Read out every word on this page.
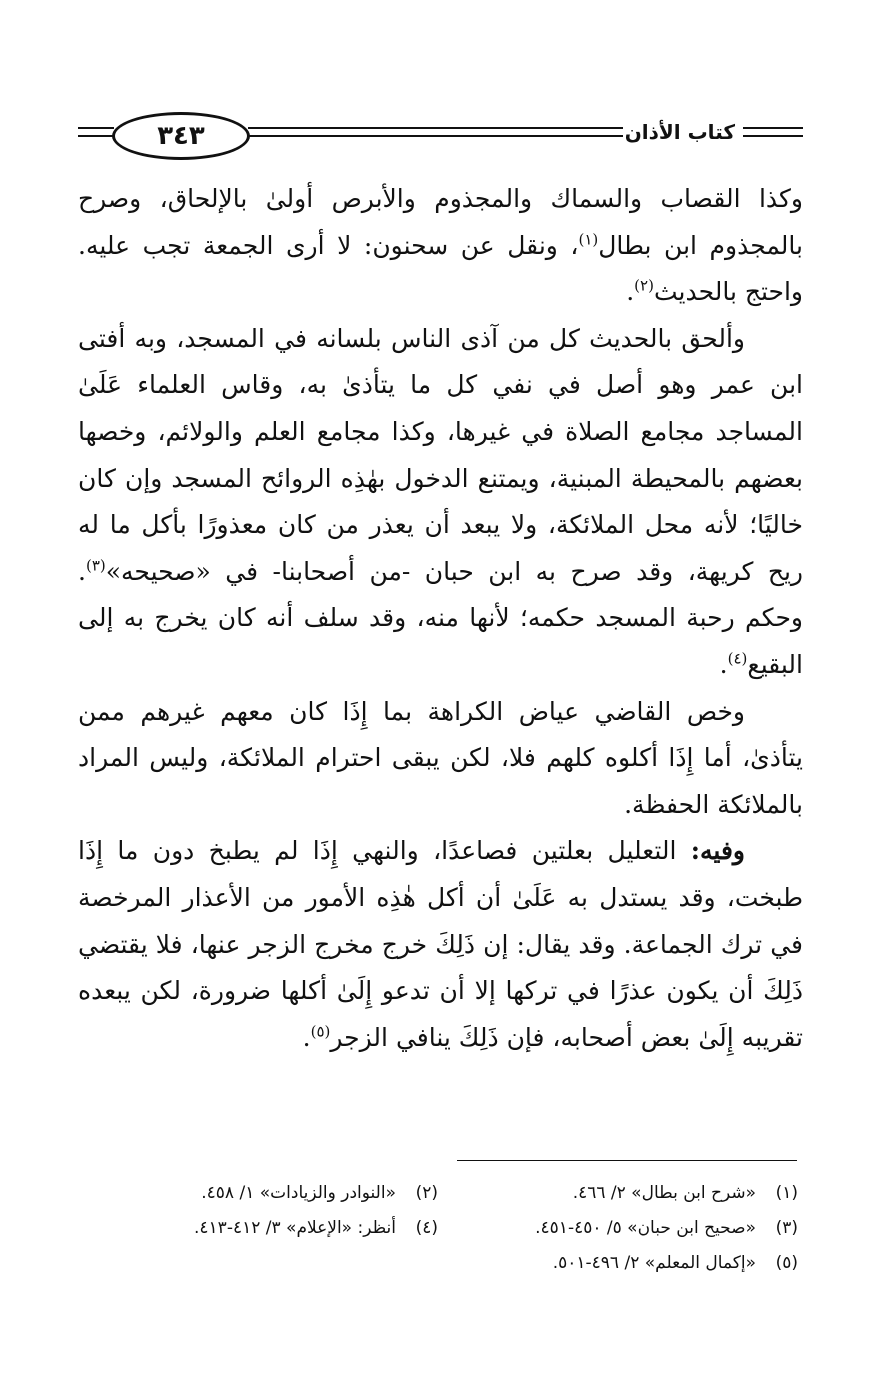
٣٤٣	كتاب الأذان

وكذا القصاب والسماك والمجذوم والأبرص أولىٰ بالإلحاق، وصرح بالمجذوم ابن بطال$^{(١)}$، ونقل عن سحنون: لا أرى الجمعة تجب عليه. واحتج بالحديث$^{(٢)}$.

وألحق بالحديث كل من آذى الناس بلسانه في المسجد، وبه أفتى ابن عمر وهو أصل في نفي كل ما يتأذىٰ به، وقاس العلماء عَلَىٰ المساجد مجامع الصلاة في غيرها، وكذا مجامع العلم والولائم، وخصها بعضهم بالمحيطة المبنية، ويمتنع الدخول بهٰذِه الروائح المسجد وإن كان خاليًا؛ لأنه محل الملائكة، ولا يبعد أن يعذر من كان معذورًا بأكل ما له ريح كريهة، وقد صرح به ابن حبان -من أصحابنا- في «صحيحه»$^{(٣)}$. وحكم رحبة المسجد حكمه؛ لأنها منه، وقد سلف أنه كان يخرج به إلى البقيع$^{(٤)}$.

وخص القاضي عياض الكراهة بما إِذَا كان معهم غيرهم ممن يتأذىٰ، أما إِذَا أكلوه كلهم فلا، لكن يبقى احترام الملائكة، وليس المراد بالملائكة الحفظة.

وفيه: التعليل بعلتين فصاعدًا، والنهي إِذَا لم يطبخ دون ما إِذَا طبخت، وقد يستدل به عَلَىٰ أن أكل هٰذِه الأمور من الأعذار المرخصة في ترك الجماعة. وقد يقال: إن ذَلِكَ خرج مخرج الزجر عنها، فلا يقتضي ذَلِكَ أن يكون عذرًا في تركها إلا أن تدعو إِلَىٰ أكلها ضرورة، لكن يبعده تقريبه إِلَىٰ بعض أصحابه، فإن ذَلِكَ ينافي الزجر$^{(٥)}$.

(١)«شرح ابن بطال» ٢/ ٤٦٦.
(٢)«النوادر والزيادات» ١/ ٤٥٨.
(٣)«صحيح ابن حبان» ٥/ ٤٥٠-٤٥١.
(٤)أنظر: «الإعلام» ٣/ ٤١٢-٤١٣.
(٥)«إكمال المعلم» ٢/ ٤٩٦-٥٠١.
